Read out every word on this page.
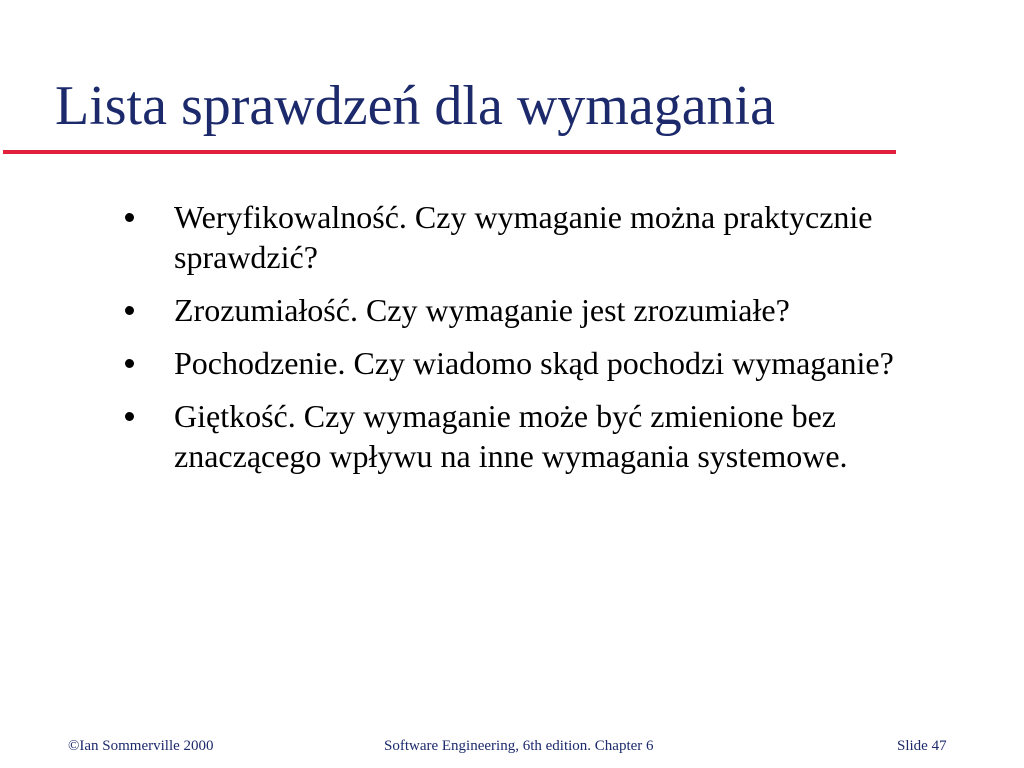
Lista sprawdzeń dla wymagania
Weryfikowalność. Czy wymaganie można praktycznie sprawdzić?
Zrozumiałość. Czy wymaganie jest zrozumiałe?
Pochodzenie. Czy wiadomo skąd pochodzi wymaganie?
Giętkość. Czy wymaganie może być zmienione bez znaczącego wpływu na inne wymagania systemowe.
©Ian Sommerville 2000	Software Engineering, 6th edition. Chapter 6	Slide 47
